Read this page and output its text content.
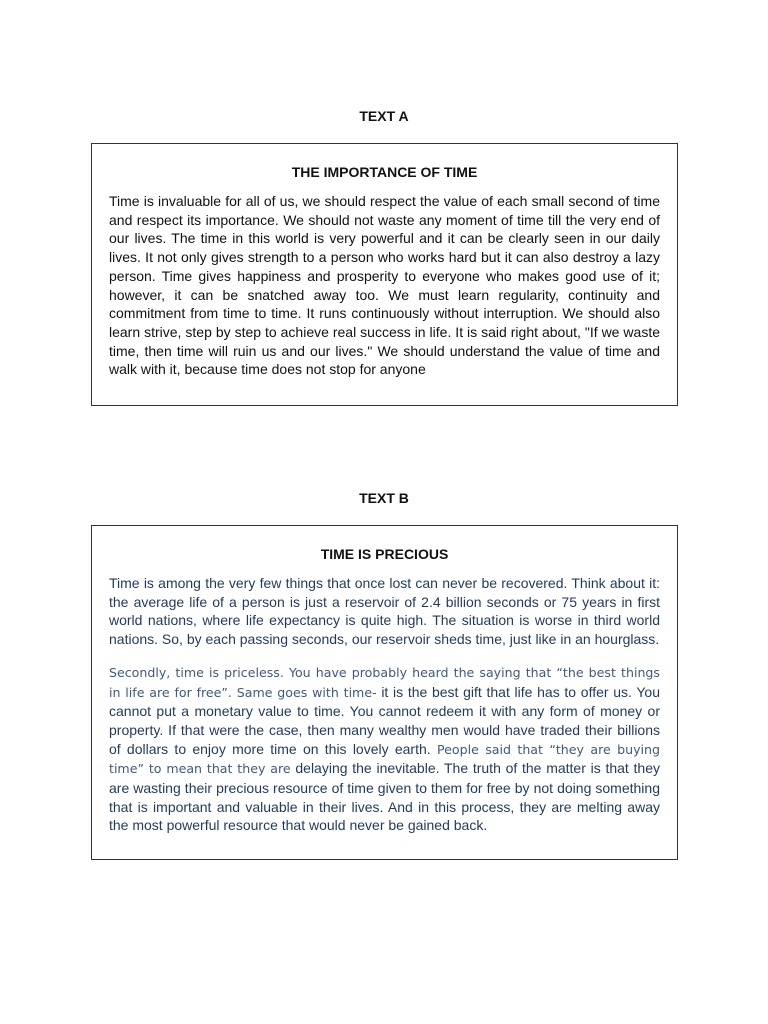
TEXT A

THE IMPORTANCE OF TIME

Time is invaluable for all of us, we should respect the value of each small second of time and respect its importance. We should not waste any moment of time till the very end of our lives. The time in this world is very powerful and it can be clearly seen in our daily lives. It not only gives strength to a person who works hard but it can also destroy a lazy person. Time gives happiness and prosperity to everyone who makes good use of it; however, it can be snatched away too. We must learn regularity, continuity and commitment from time to time. It runs continuously without interruption. We should also learn strive, step by step to achieve real success in life. It is said right about, "If we waste time, then time will ruin us and our lives." We should understand the value of time and walk with it, because time does not stop for anyone

TEXT B

TIME IS PRECIOUS

Time is among the very few things that once lost can never be recovered. Think about it: the average life of a person is just a reservoir of 2.4 billion seconds or 75 years in first world nations, where life expectancy is quite high. The situation is worse in third world nations. So, by each passing seconds, our reservoir sheds time, just like in an hourglass.

Secondly, time is priceless. You have probably heard the saying that “the best things in life are for free”. Same goes with time- it is the best gift that life has to offer us. You cannot put a monetary value to time. You cannot redeem it with any form of money or property. If that were the case, then many wealthy men would have traded their billions of dollars to enjoy more time on this lovely earth. People said that “they are buying time” to mean that they are delaying the inevitable. The truth of the matter is that they are wasting their precious resource of time given to them for free by not doing something that is important and valuable in their lives. And in this process, they are melting away the most powerful resource that would never be gained back.
